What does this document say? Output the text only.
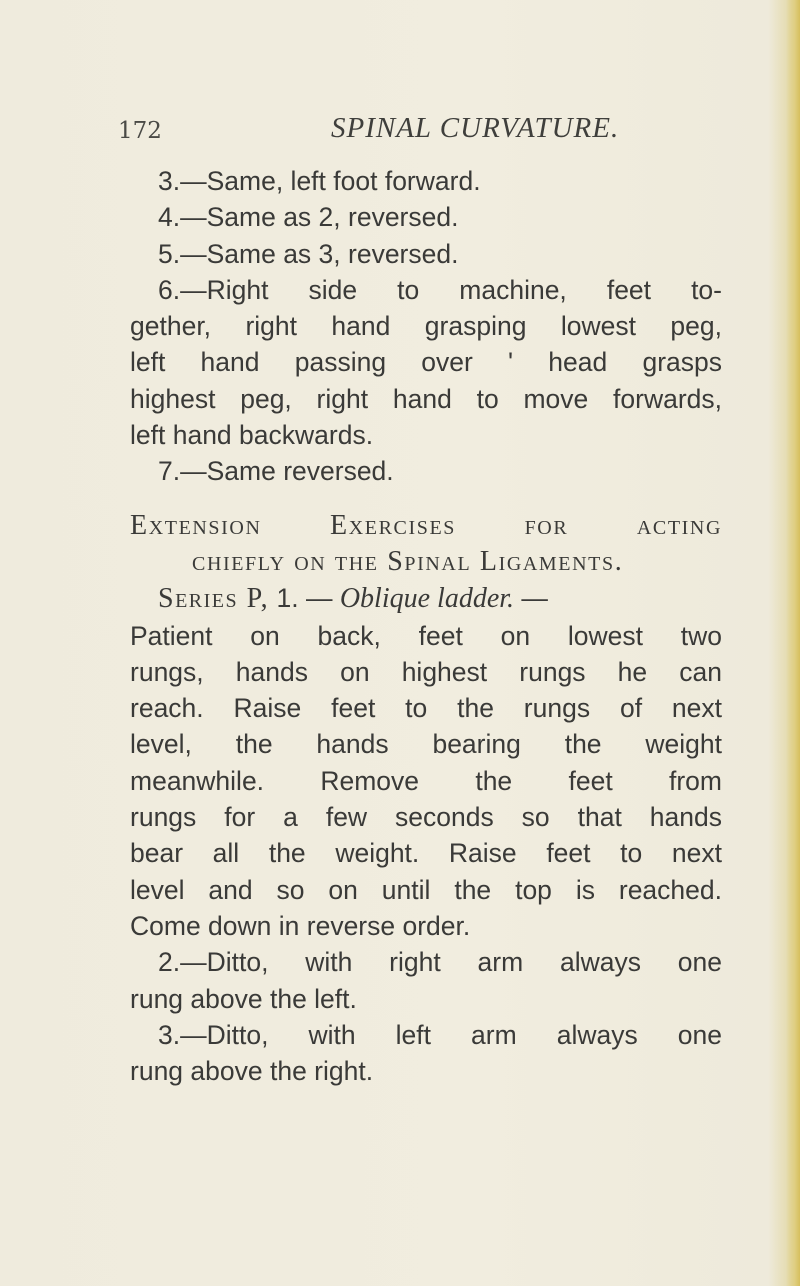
172	SPINAL CURVATURE.
3.—Same, left foot forward.
4.—Same as 2, reversed.
5.—Same as 3, reversed.
6.—Right side to machine, feet to-
gether, right hand grasping lowest peg,
left hand passing over ' head grasps
highest peg, right hand to move forwards,
left hand backwards.
7.—Same reversed.
Extension Exercises for acting
chiefly on the Spinal Ligaments.
Series P, 1. — Oblique ladder. —
Patient on back, feet on lowest two
rungs, hands on highest rungs he can
reach. Raise feet to the rungs of next
level, the hands bearing the weight
meanwhile. Remove the feet from
rungs for a few seconds so that hands
bear all the weight. Raise feet to next
level and so on until the top is reached.
Come down in reverse order.
2.—Ditto, with right arm always one
rung above the left.
3.—Ditto, with left arm always one
rung above the right.
